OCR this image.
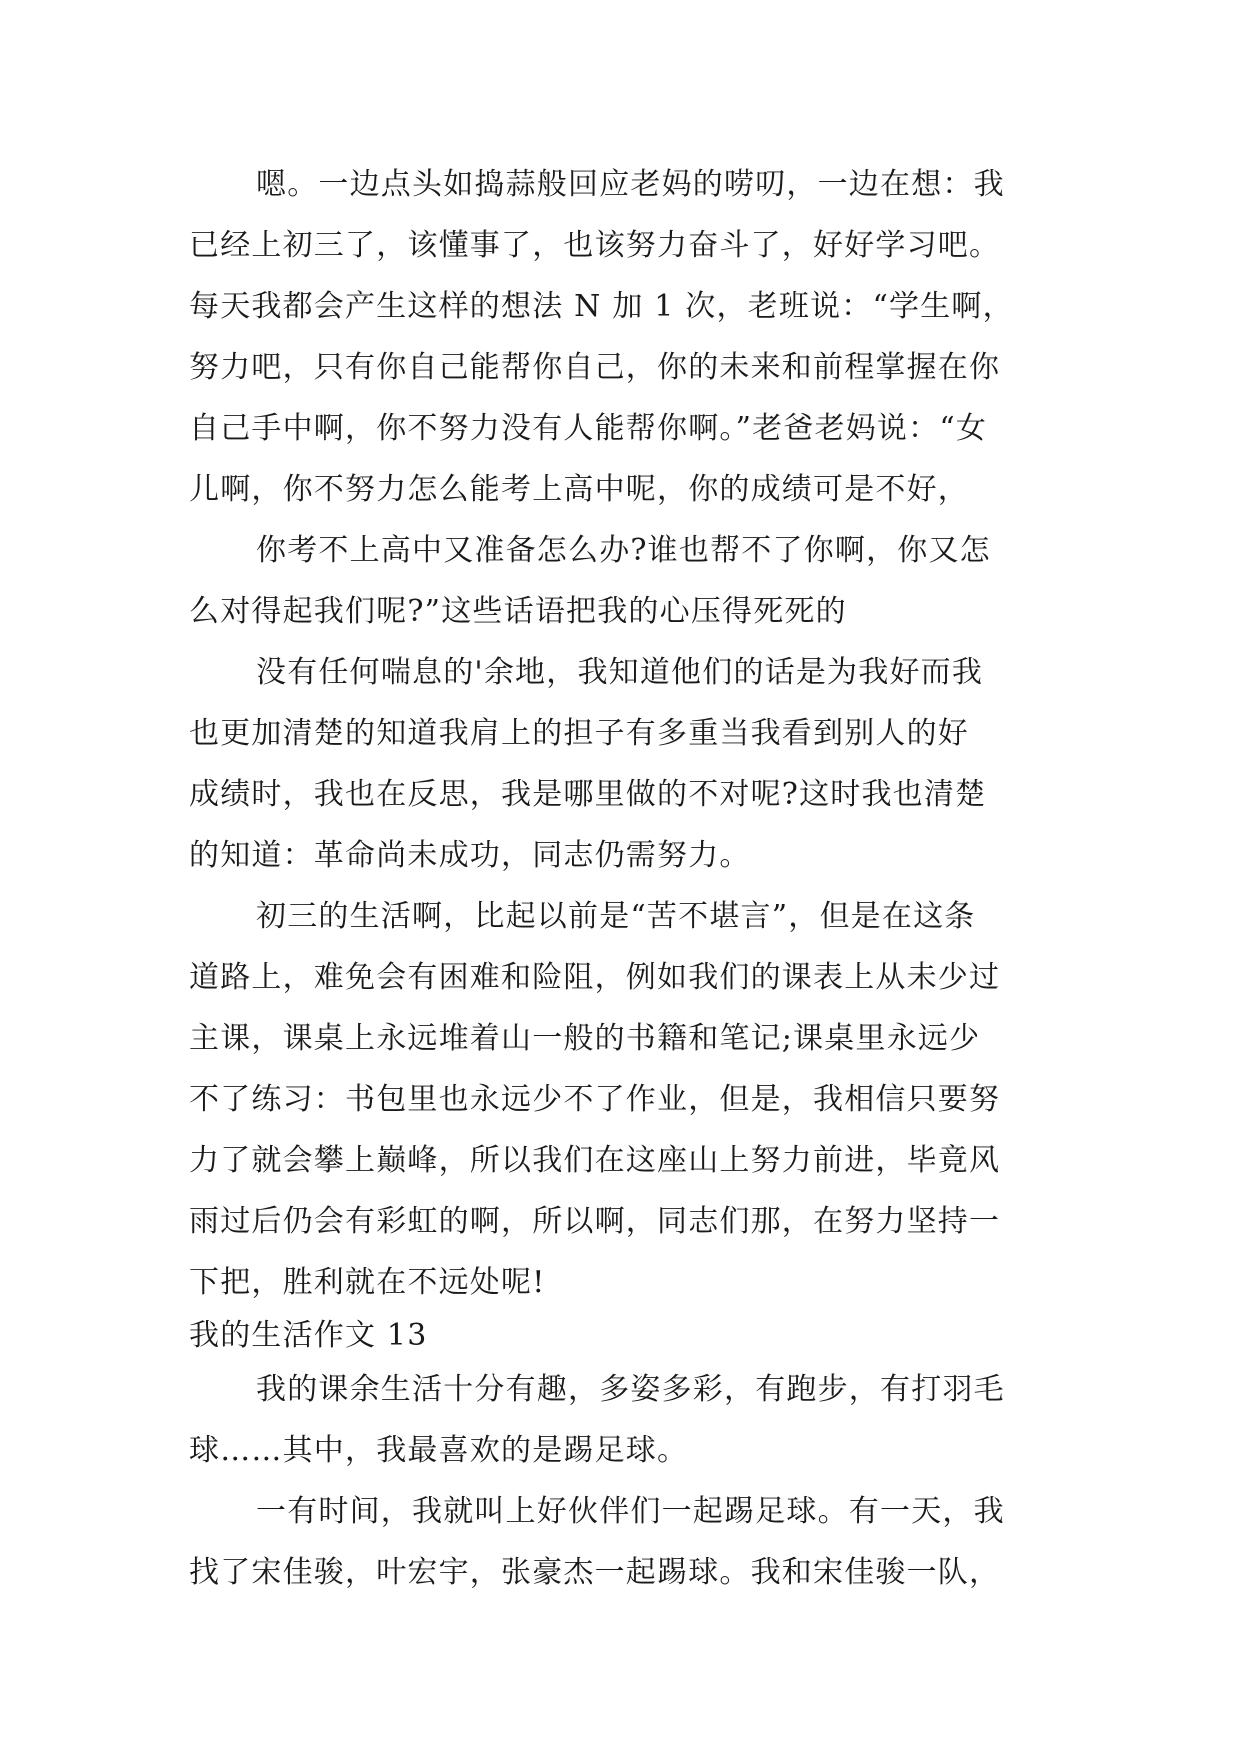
嗯。一边点头如捣蒜般回应老妈的唠叨，一边在想：我
已经上初三了，该懂事了，也该努力奋斗了，好好学习吧。
每天我都会产生这样的想法 N 加 1 次，老班说：“学生啊，
努力吧，只有你自己能帮你自己，你的未来和前程掌握在你
自己手中啊，你不努力没有人能帮你啊。”老爸老妈说：“女
儿啊，你不努力怎么能考上高中呢，你的成绩可是不好，
你考不上高中又准备怎么办?谁也帮不了你啊，你又怎
么对得起我们呢?”这些话语把我的心压得死死的
没有任何喘息的'余地，我知道他们的话是为我好而我
也更加清楚的知道我肩上的担子有多重当我看到别人的好
成绩时，我也在反思，我是哪里做的不对呢?这时我也清楚
的知道：革命尚未成功，同志仍需努力。
初三的生活啊，比起以前是“苦不堪言”，但是在这条
道路上，难免会有困难和险阻，例如我们的课表上从未少过
主课，课桌上永远堆着山一般的书籍和笔记;课桌里永远少
不了练习：书包里也永远少不了作业，但是，我相信只要努
力了就会攀上巅峰，所以我们在这座山上努力前进，毕竟风
雨过后仍会有彩虹的啊，所以啊，同志们那，在努力坚持一
下把，胜利就在不远处呢!
我的生活作文 13
我的课余生活十分有趣，多姿多彩，有跑步，有打羽毛
球……其中，我最喜欢的是踢足球。
一有时间，我就叫上好伙伴们一起踢足球。有一天，我
找了宋佳骏，叶宏宇，张豪杰一起踢球。我和宋佳骏一队，
